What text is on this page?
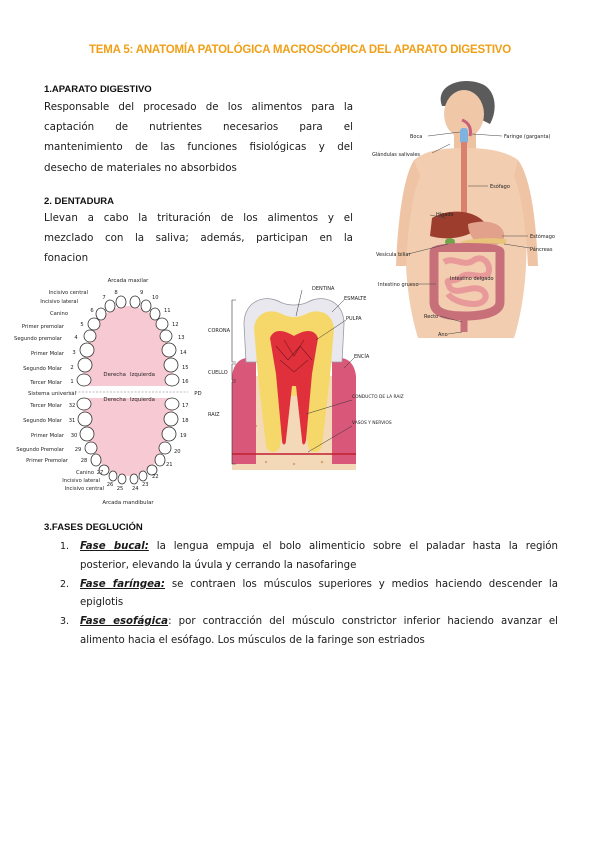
TEMA 5: ANATOMÍA PATOLÓGICA MACROSCÓPICA DEL APARATO DIGESTIVO
1.APARATO DIGESTIVO
Responsable del procesado de los alimentos para la
captación de nutrientes necesarios para el
mantenimiento de las funciones fisiológicas y del
desecho de materiales no absorbidos
2. DENTADURA
Llevan a cabo la trituración de los alimentos y el
mezclado con la saliva; además, participan en la
fonacion
Boca
Glándulas salivales
Faringe (garganta)
Esófago
Hígado
Estómago
Páncreas
Vesícula biliar
Intestino delgado
Intestino grueso
Recto
Ano
Arcada maxilar
Arcada mandibular
Derecha Izquierda
Derecha Izquierda
Sistema universal	PD
Incisivo central	8
Incisivo lateral
7
Canino	6
Primer premolar	5
Segundo premolar 4
Primer Molar 3
Segundo Molar 2
Tercer Molar 1
Tercer Molar 32
Segundo Molar 31
Primer Molar 30
Segundo Premolar 29
Primer Premolar 28
Canino 27
Incisivo lateral
26
Incisivo central 25
9
10
11
12
13
14
15
16
24
23
22
21
20
19
18
17
DENTINA
ESMALTE
PULPA
CORONA
CUELLO
RAIZ
ENCÍA
CONDUCTO DE LA RAIZ
VASOS Y NERVIOS
3.FASES DEGLUCIÓN
1. Fase bucal: la lengua empuja el bolo alimenticio sobre el paladar hasta la región
posterior, elevando la úvula y cerrando la nasofaringe
2. Fase faríngea: se contraen los músculos superiores y medios haciendo descender la
epiglotis
3. Fase esofágica: por contracción del músculo constrictor inferior haciendo avanzar el
alimento hacia el esófago. Los músculos de la faringe son estriados
